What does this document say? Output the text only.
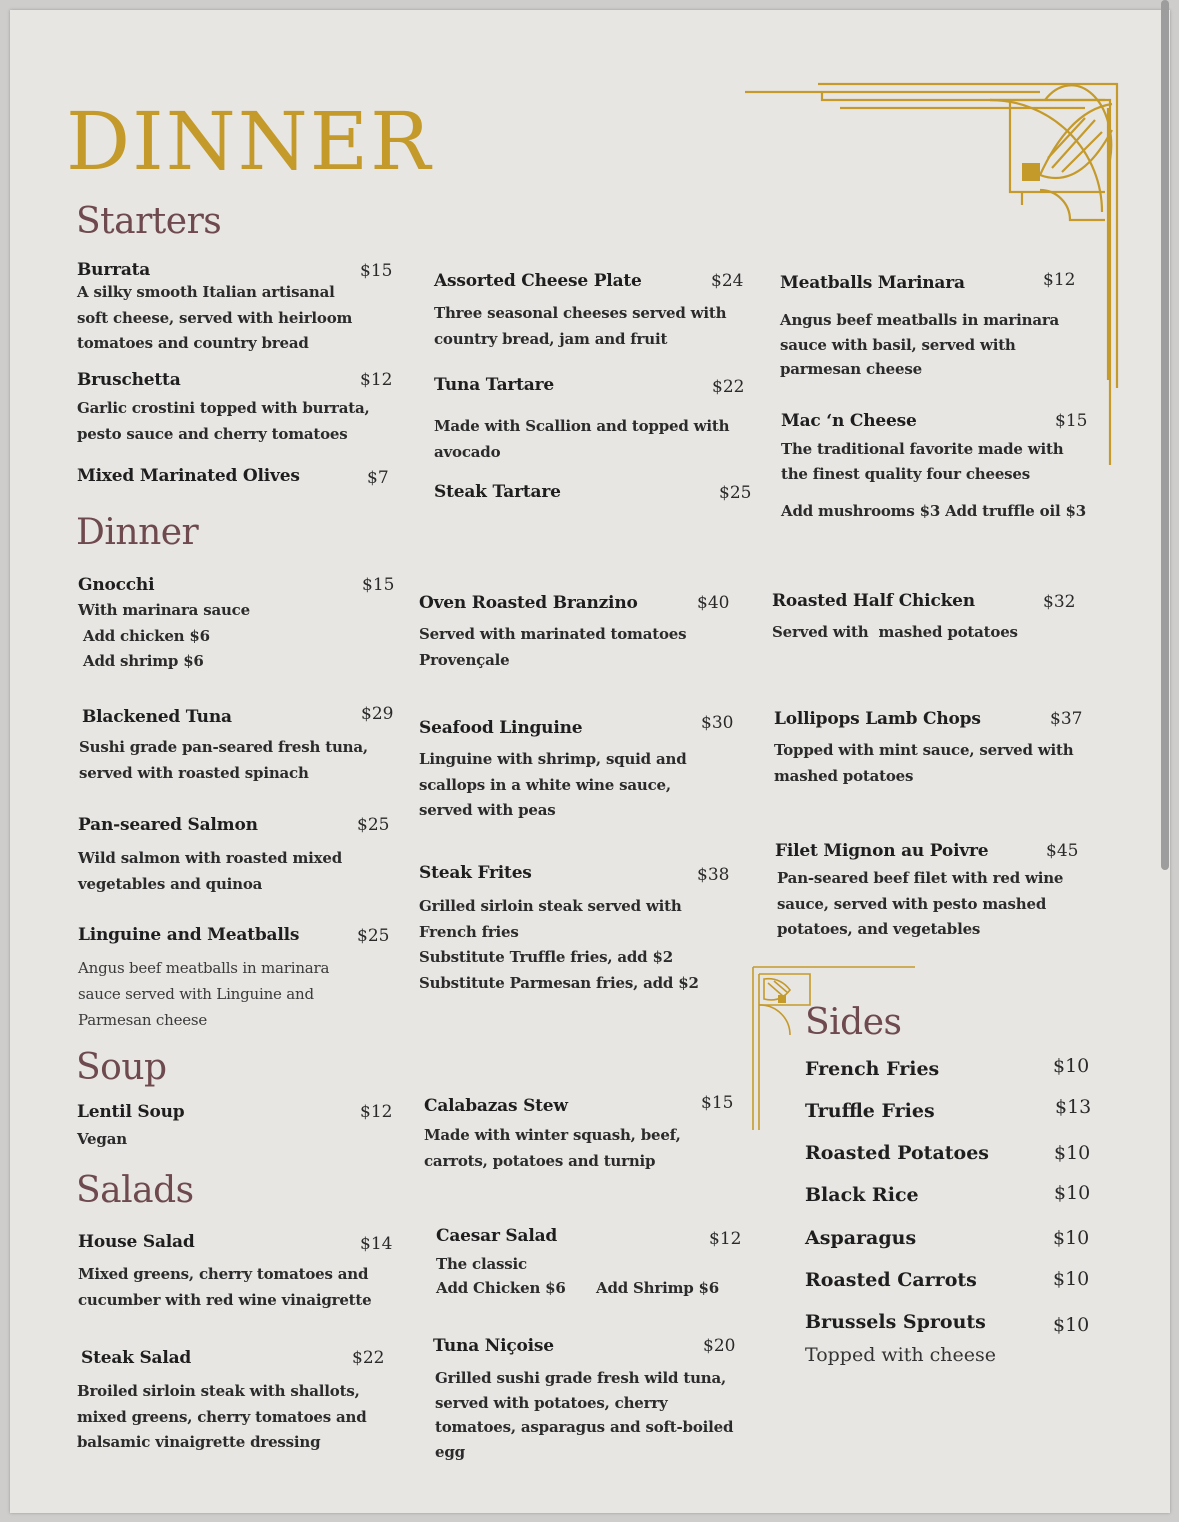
DINNER
Starters
Burrata	$15
A silky smooth Italian artisanal
soft cheese, served with heirloom
tomatoes and country bread
Bruschetta	$12
Garlic crostini topped with burrata,
pesto sauce and cherry tomatoes
Mixed Marinated Olives	$7
Assorted Cheese Plate	$24
Three seasonal cheeses served with
country bread, jam and fruit
Tuna Tartare	$22
Made with Scallion and topped with
avocado
Steak Tartare	$25
Meatballs Marinara	$12
Angus beef meatballs in marinara
sauce with basil, served with
parmesan cheese
Mac ‘n Cheese	$15
The traditional favorite made with
the finest quality four cheeses
Add mushrooms $3 Add truffle oil $3
Dinner
Gnocchi	$15
With marinara sauce
Add chicken $6
Add shrimp $6
Blackened Tuna	$29
Sushi grade pan-seared fresh tuna,
served with roasted spinach
Pan-seared Salmon	$25
Wild salmon with roasted mixed
vegetables and quinoa
Linguine and Meatballs	$25
Angus beef meatballs in marinara
sauce served with Linguine and
Parmesan cheese
Oven Roasted Branzino	$40
Served with marinated tomatoes
Provençale
Seafood Linguine	$30
Linguine with shrimp, squid and
scallops in a white wine sauce,
served with peas
Steak Frites	$38
Grilled sirloin steak served with
French fries
Substitute Truffle fries, add $2
Substitute Parmesan fries, add $2
Roasted Half Chicken	$32
Served with  mashed potatoes
Lollipops Lamb Chops	$37
Topped with mint sauce, served with
mashed potatoes
Filet Mignon au Poivre	$45
Pan-seared beef filet with red wine
sauce, served with pesto mashed
potatoes, and vegetables
Soup
Lentil Soup	$12
Vegan
Calabazas Stew	$15
Made with winter squash, beef,
carrots, potatoes and turnip
Salads
House Salad	$14
Mixed greens, cherry tomatoes and
cucumber with red wine vinaigrette
Steak Salad	$22
Broiled sirloin steak with shallots,
mixed greens, cherry tomatoes and
balsamic vinaigrette dressing
Caesar Salad	$12
The classic
Add Chicken $6 Add Shrimp $6
Tuna Niçoise	$20
Grilled sushi grade fresh wild tuna,
served with potatoes, cherry
tomatoes, asparagus and soft-boiled
egg
Sides
French Fries	$10
Truffle Fries	$13
Roasted Potatoes	$10
Black Rice	$10
Asparagus	$10
Roasted Carrots	$10
Brussels Sprouts	$10
Topped with cheese
